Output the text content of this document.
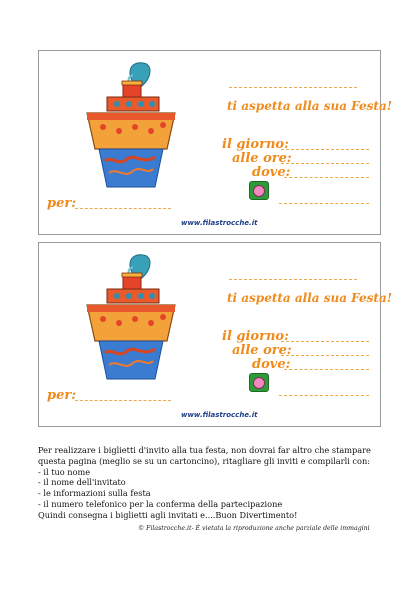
ti aspetta alla sua Festa!
il giorno:
alle ore:
dove:
per:
www.filastrocche.it
ti aspetta alla sua Festa!
il giorno:
alle ore:
dove:
per:
www.filastrocche.it
Per realizzare i biglietti d'invito alla tua festa, non dovrai far altro che stampare
questa pagina (meglio se su un cartoncino), ritagliare gli inviti e compilarli con:
- il tuo nome
- il nome dell'invitato
- le informazioni sulla festa
- il numero telefonico per la conferma della partecipazione
Quindi consegna i biglietti agli invitati e....Buon Divertimento!
© Filastrocche.it- È vietata la riproduzione anche parziale delle immagini
